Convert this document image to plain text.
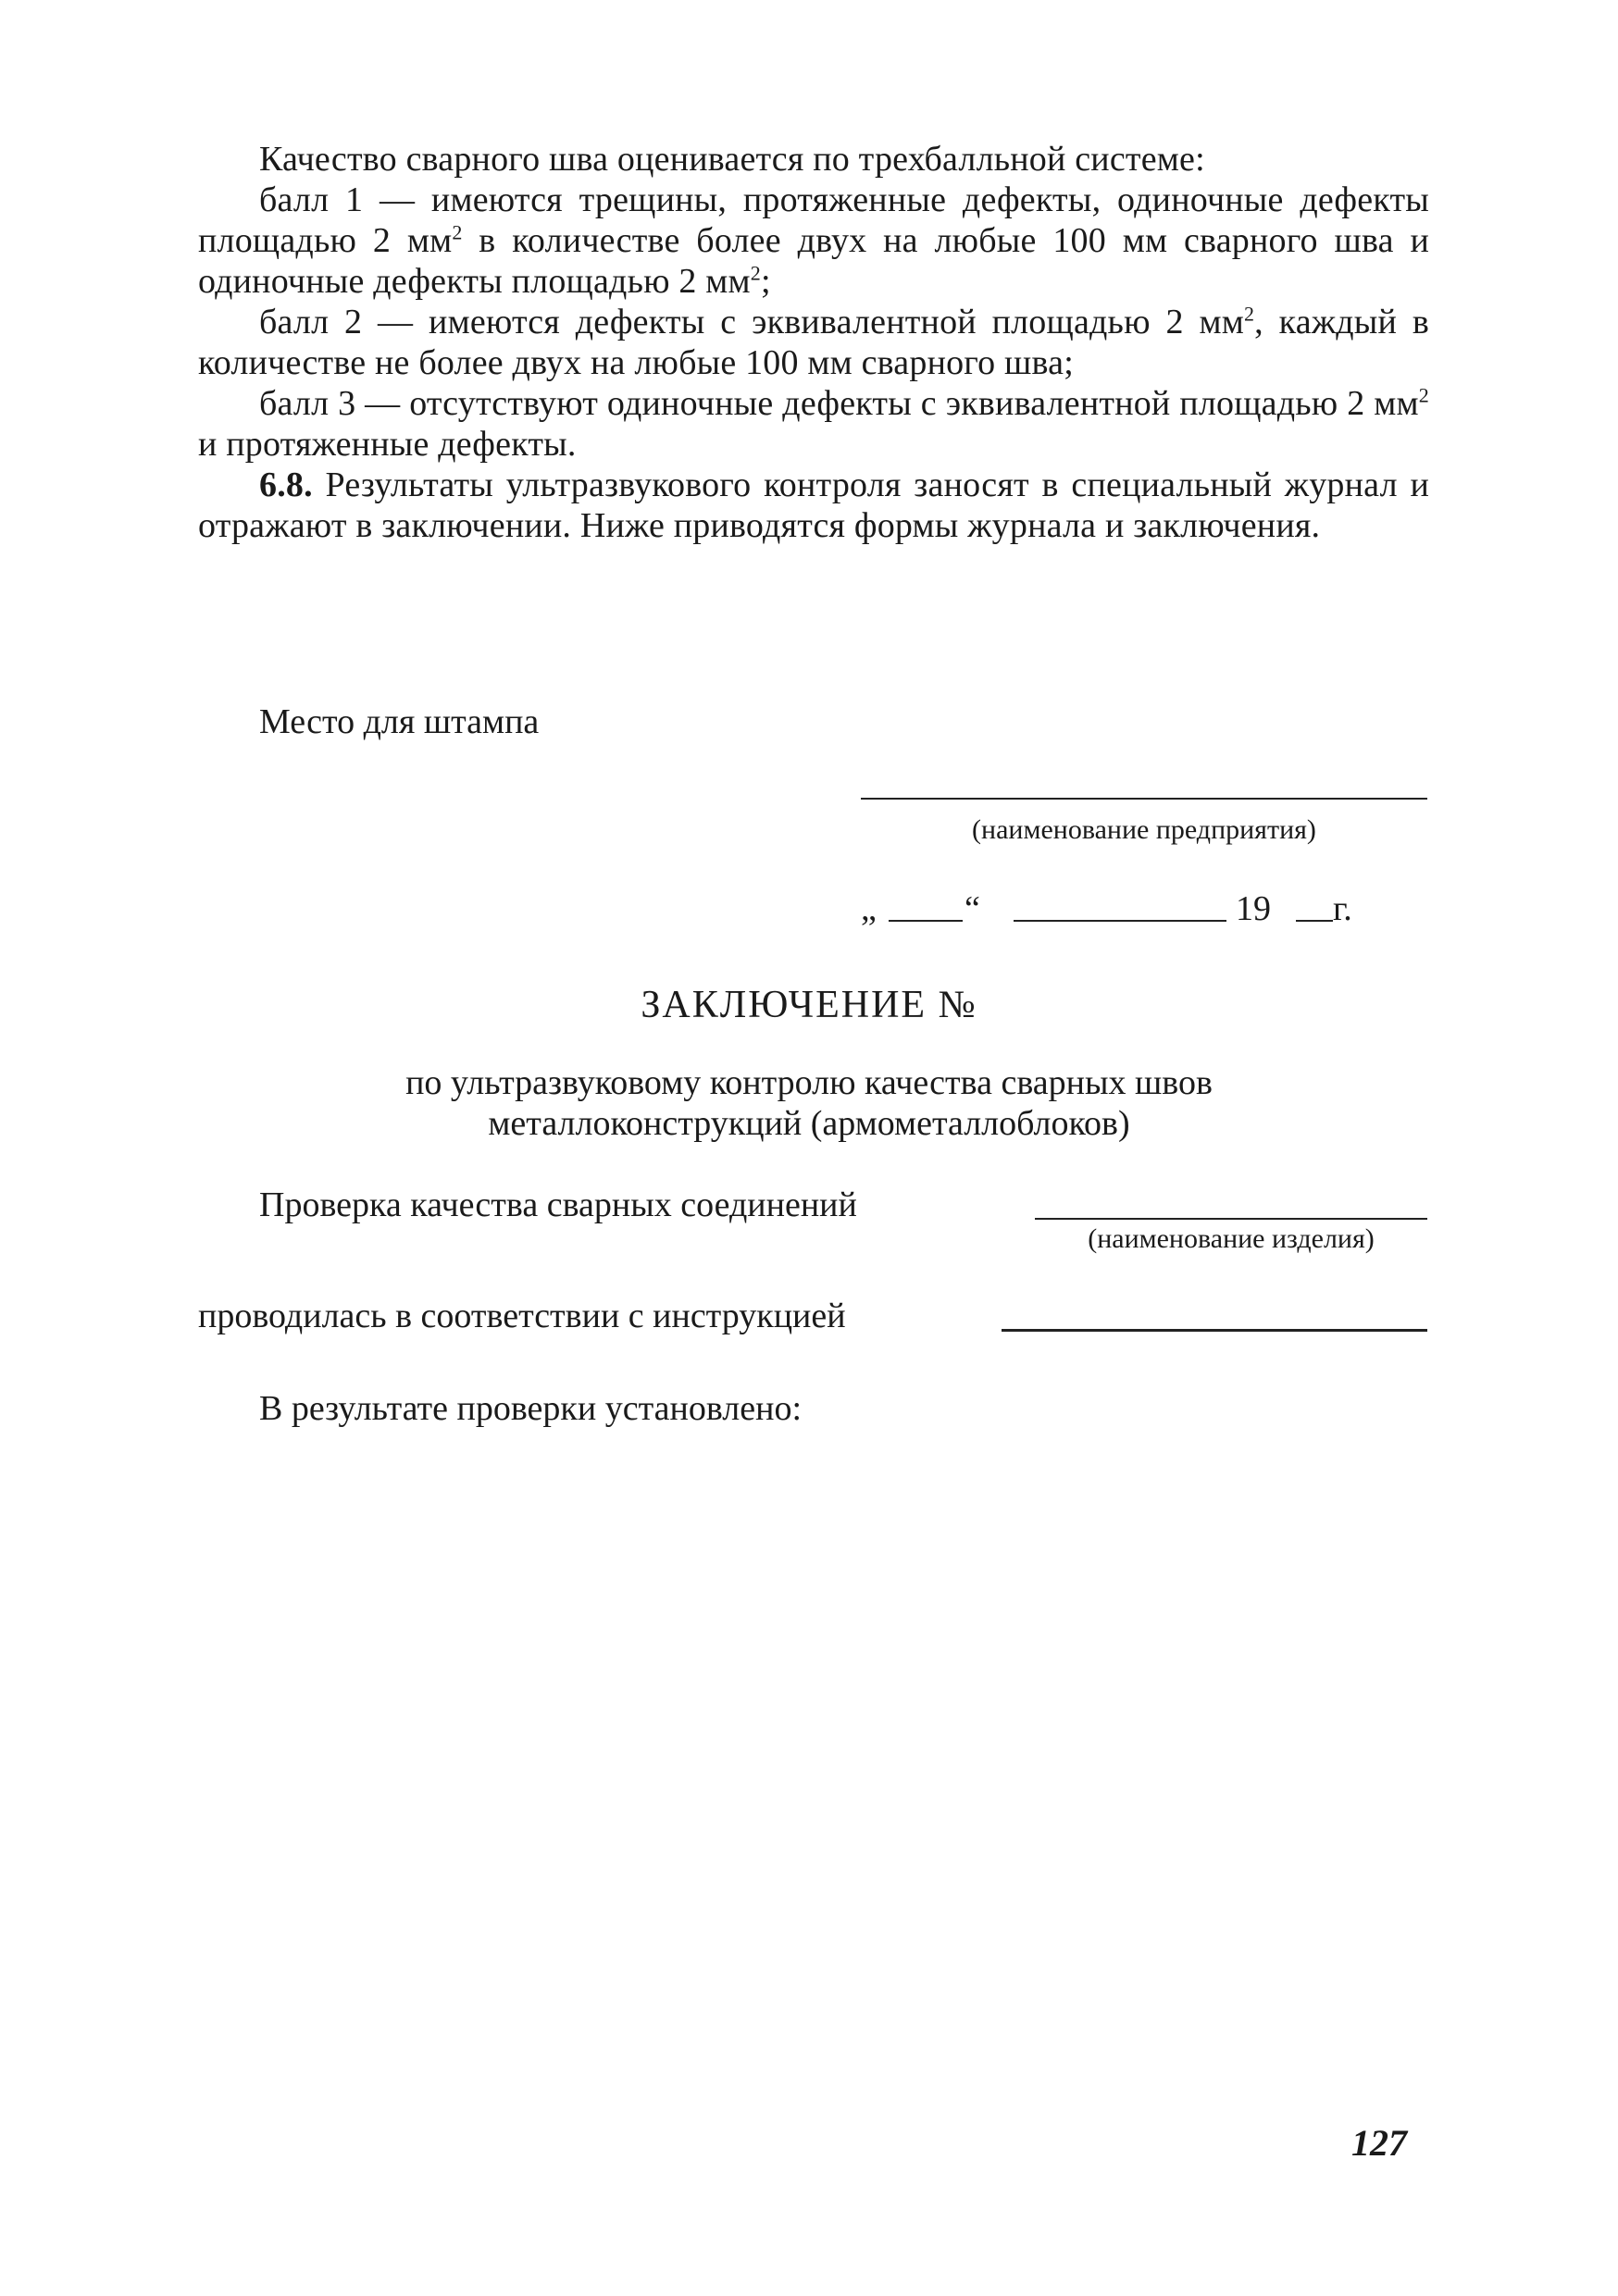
Качество сварного шва оценивается по трехбалльной системе:

балл 1 — имеются трещины, протяженные дефекты, одиночные дефекты площадью 2 $мм^2$ в количестве более двух на любые 100 мм сварного шва и одиночные дефекты площадью 2 $мм^2$;

балл 2 — имеются дефекты с эквивалентной площадью 2 $мм^2$, каждый в количестве не более двух на любые 100 мм сварного шва;

балл 3 — отсутствуют одиночные дефекты с эквивалентной площадью 2 $мм^2$ и протяженные дефекты.

6.8. Результаты ультразвукового контроля заносят в специальный журнал и отражают в заключении. Ниже приводятся формы журнала и заключения.

Место для штампа
(наименование предприятия)
„	“	19 г.
ЗАКЛЮЧЕНИЕ №
по ультразвуковому контролю качества сварных швов
металлоконструкций (армометаллоблоков)
Проверка качества сварных соединений
(наименование изделия)
проводилась в соответствии с инструкцией
В результате проверки установлено:
127
